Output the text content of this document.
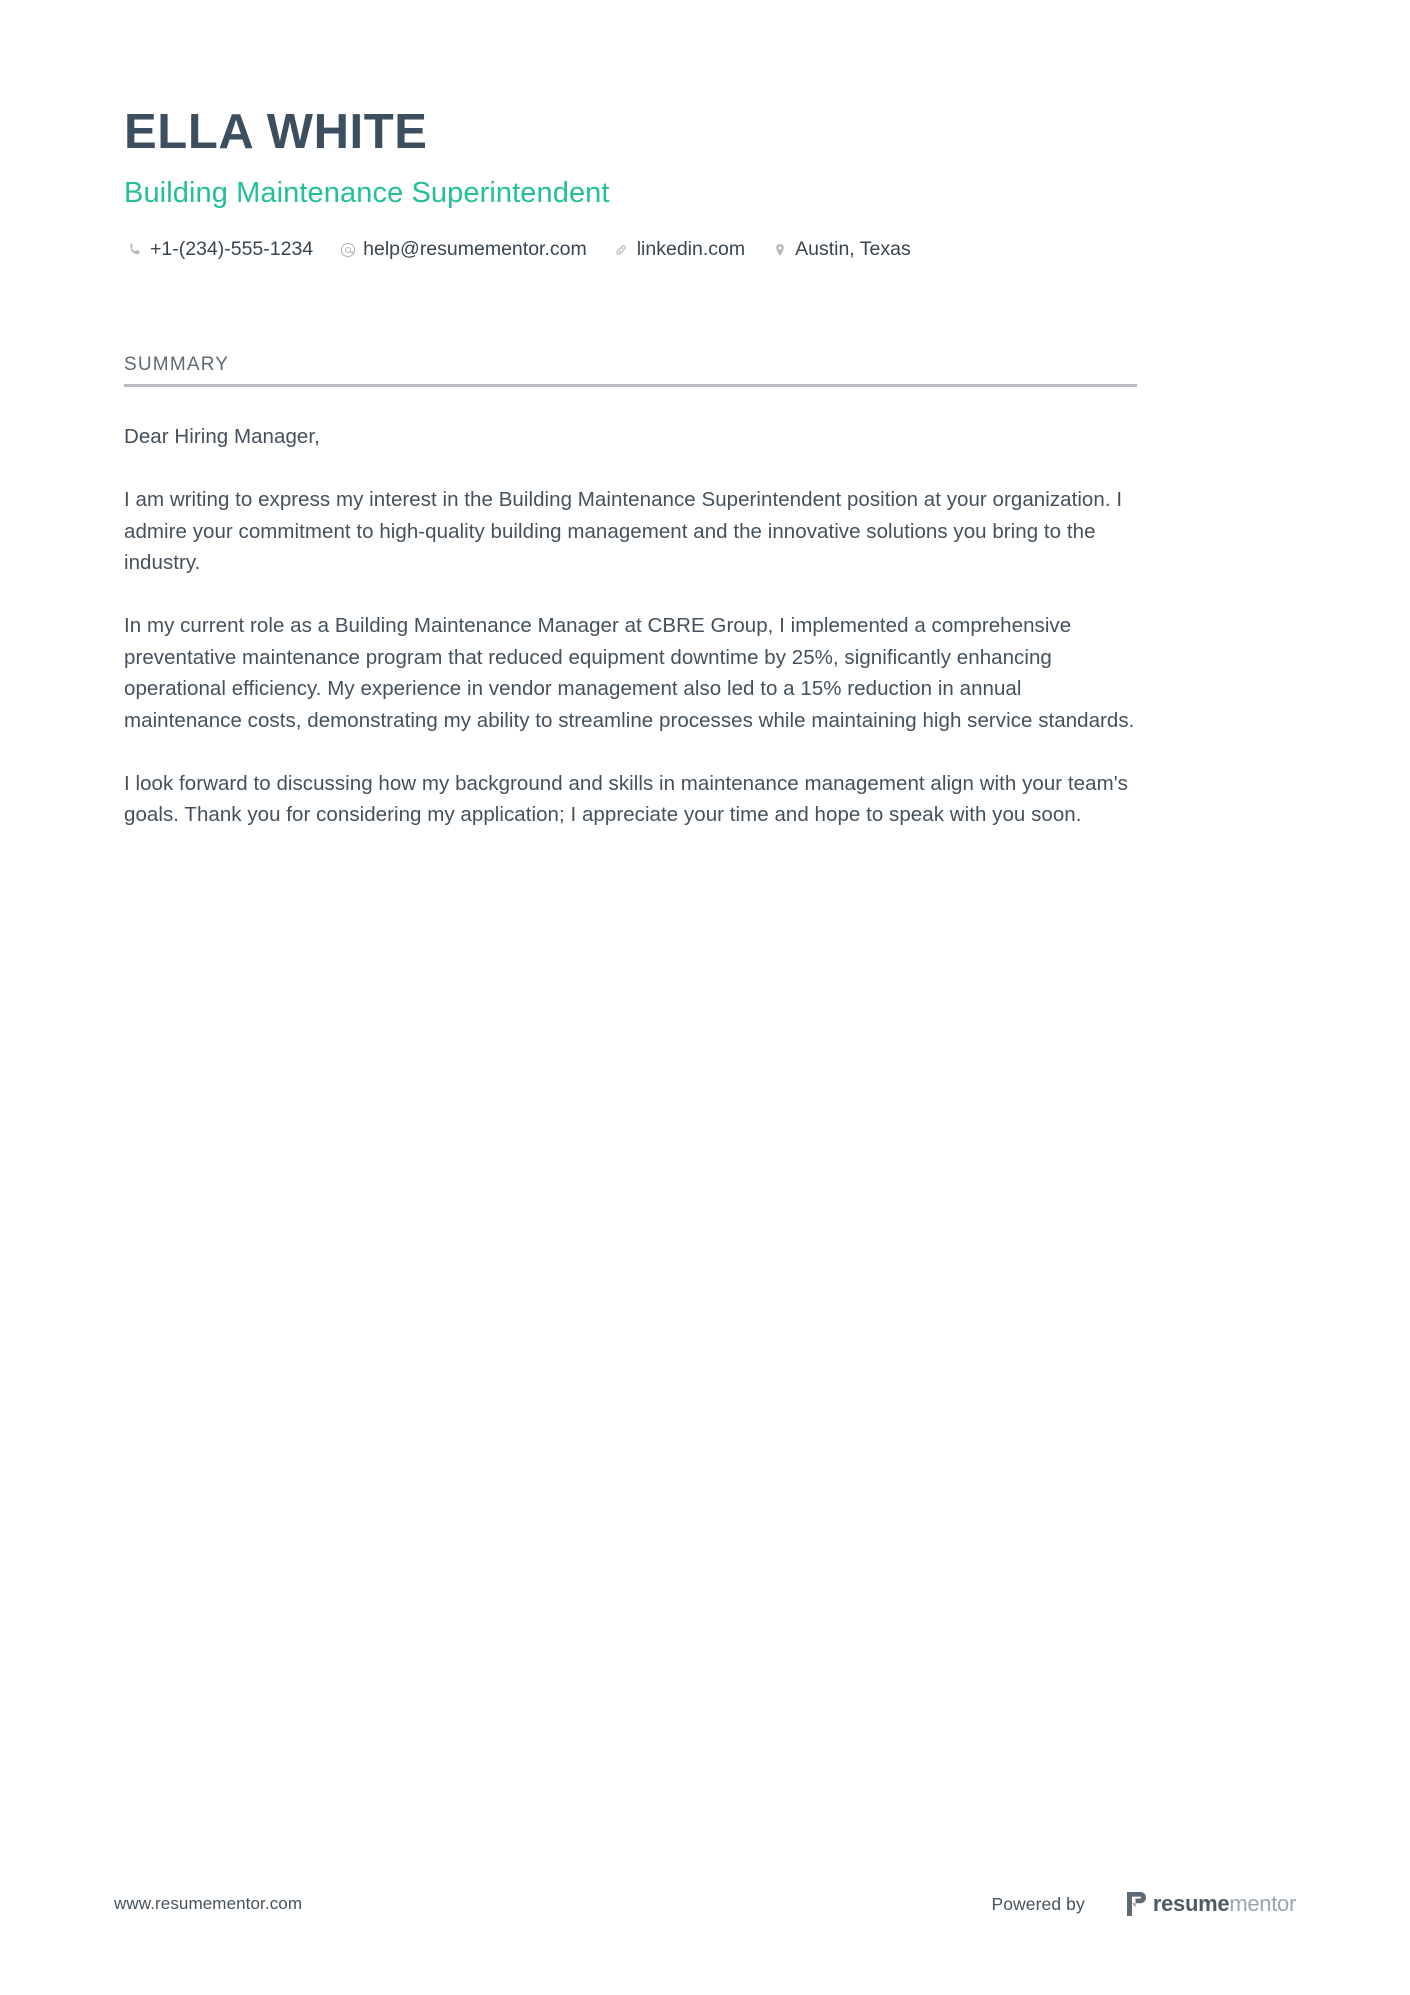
ELLA WHITE
Building Maintenance Superintendent
+1-(234)-555-1234	help@resumementor.com	linkedin.com	Austin, Texas
SUMMARY

Dear Hiring Manager,

I am writing to express my interest in the Building Maintenance Superintendent position at your organization. I admire your commitment to high-quality building management and the innovative solutions you bring to the industry.

In my current role as a Building Maintenance Manager at CBRE Group, I implemented a comprehensive preventative maintenance program that reduced equipment downtime by 25%, significantly enhancing operational efficiency. My experience in vendor management also led to a 15% reduction in annual maintenance costs, demonstrating my ability to streamline processes while maintaining high service standards.

I look forward to discussing how my background and skills in maintenance management align with your team's goals. Thank you for considering my application; I appreciate your time and hope to speak with you soon.

www.resumementor.com	Powered by	resumementor
